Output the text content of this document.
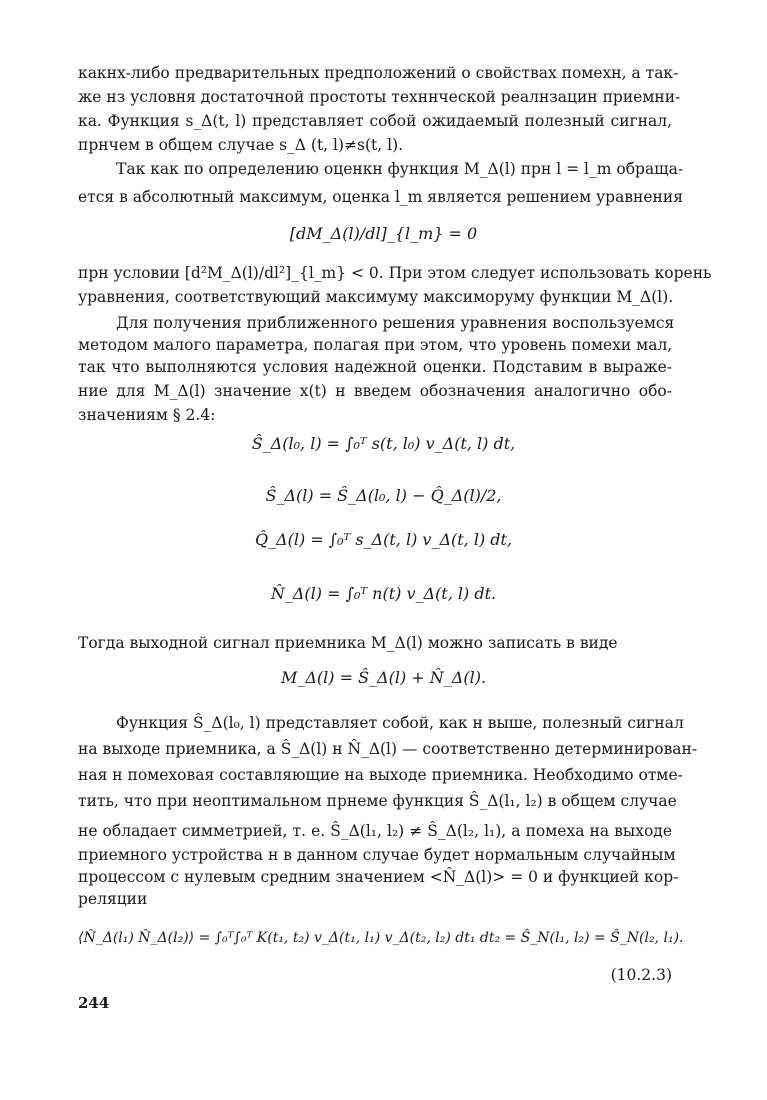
какнх-либо предварительных предположений о свойствах помехн, а так-
же нз условня достаточной простоты техннческой реалнзацин приемни-
ка. Функция s_Δ(t, l) представляет собой ожидаемый полезный сигнал,
прнчем в общем случае s_Δ (t, l)≠s(t, l).
Так как по определению оценкн функция M_Δ(l) прн l = l_m обраща-
ется в абсолютный максимум, оценка l_m является решением уравнения
[dM_Δ(l)/dl]_{l_m} = 0
прн условии [d²M_Δ(l)/dl²]_{l_m} < 0. При этом следует использовать корень
уравнения, соответствующий максимуму максиморуму функции M_Δ(l).
Для получения приближенного решения уравнения воспользуемся
методом малого параметра, полагая при этом, что уровень помехи мал,
так что выполняются условия надежной оценки. Подставим в выраже-
ние для M_Δ(l) значение x(t) н введем обозначения аналогично обо-
значениям § 2.4:
Ŝ_Δ(l₀, l) = ∫₀ᵀ s(t, l₀) v_Δ(t, l) dt,
Ŝ_Δ(l) = Ŝ_Δ(l₀, l) − Q̂_Δ(l)/2,
Q̂_Δ(l) = ∫₀ᵀ s_Δ(t, l) v_Δ(t, l) dt,
N̂_Δ(l) = ∫₀ᵀ n(t) v_Δ(t, l) dt.
Тогда выходной сигнал приемника M_Δ(l) можно записать в виде
M_Δ(l) = Ŝ_Δ(l) + N̂_Δ(l).
Функция Ŝ_Δ(l₀, l) представляет собой, как н выше, полезный сигнал
на выходе приемника, а Ŝ_Δ(l) н N̂_Δ(l) — соответственно детерминирован-
ная н помеховая составляющие на выходе приемника. Необходимо отме-
тить, что при неоптимальном прнеме функция Ŝ_Δ(l₁, l₂) в общем случае
не обладает симметрией, т. е. Ŝ_Δ(l₁, l₂) ≠ Ŝ_Δ(l₂, l₁), а помеха на выходе
приемного устройства н в данном случае будет нормальным случайным
процессом с нулевым средним значением <N̂_Δ(l)> = 0 и функцией кор-
реляции
⟨N̂_Δ(l₁) N̂_Δ(l₂)⟩ = ∫₀ᵀ∫₀ᵀ K(t₁, t₂) v_Δ(t₁, l₁) v_Δ(t₂, l₂) dt₁ dt₂ = Ŝ_N(l₁, l₂) = Ŝ_N(l₂, l₁).
(10.2.3)
244
